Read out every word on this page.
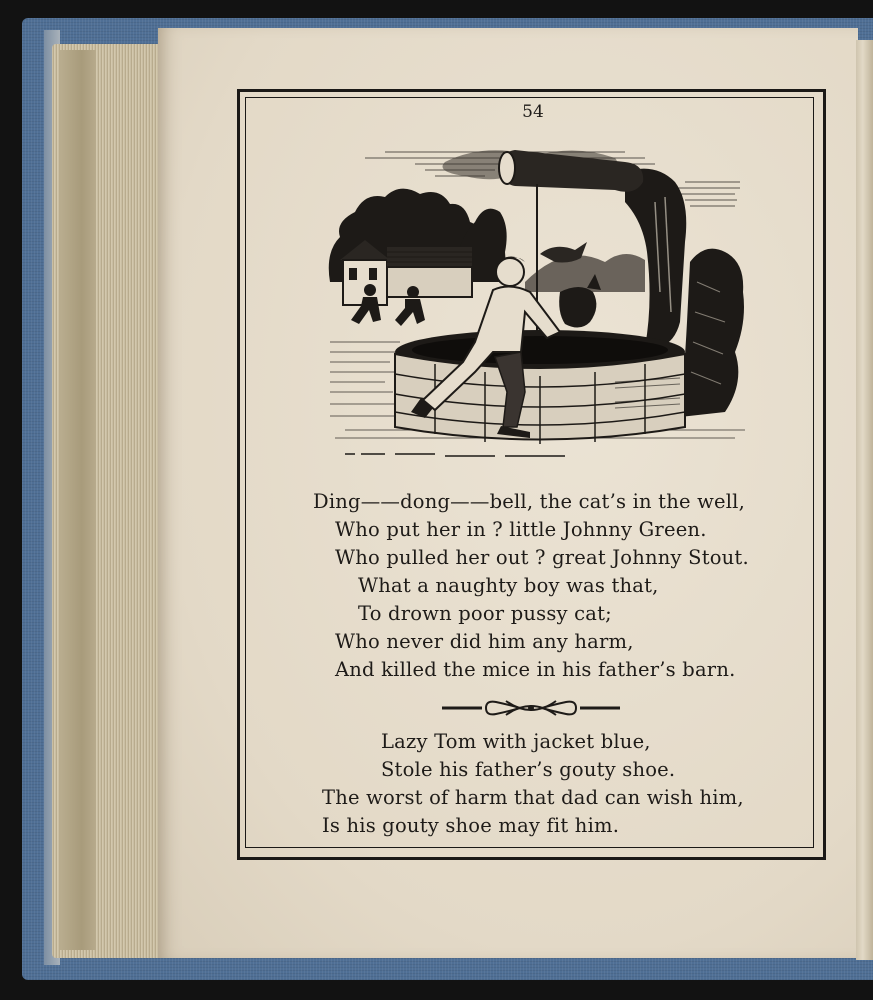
54
Ding——dong——bell, the cat’s in the well,
Who put her in ? little Johnny Green.
Who pulled her out ? great Johnny Stout.
What a naughty boy was that,
To drown poor pussy cat;
Who never did him any harm,
And killed the mice in his father’s barn.
Lazy Tom with jacket blue,
Stole his father’s gouty shoe.
The worst of harm that dad can wish him,
Is his gouty shoe may fit him.
